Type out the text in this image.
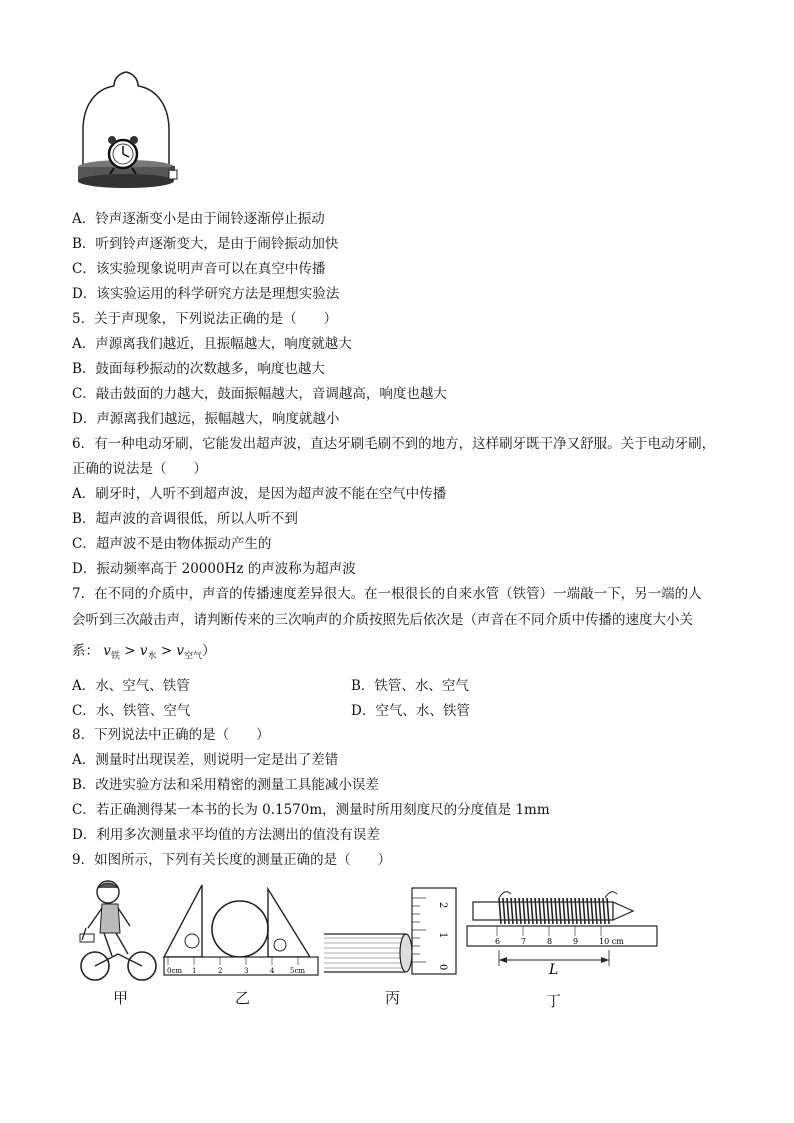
A．铃声逐渐变小是由于闹铃逐渐停止振动
B．听到铃声逐渐变大，是由于闹铃振动加快
C．该实验现象说明声音可以在真空中传播
D．该实验运用的科学研究方法是理想实验法
5．关于声现象，下列说法正确的是（　　）
A．声源离我们越近，且振幅越大，响度就越大
B．鼓面每秒振动的次数越多，响度也越大
C．敲击鼓面的力越大，鼓面振幅越大，音调越高，响度也越大
D．声源离我们越远，振幅越大，响度就越小
6．有一种电动牙刷，它能发出超声波，直达牙刷毛刷不到的地方，这样刷牙既干净又舒服。关于电动牙刷，
正确的说法是（　　）
A．刷牙时，人听不到超声波，是因为超声波不能在空气中传播
B．超声波的音调很低，所以人听不到
C．超声波不是由物体振动产生的
D．振动频率高于 20000Hz 的声波称为超声波
7．在不同的介质中，声音的传播速度差异很大。在一根很长的自来水管（铁管）一端敲一下，另一端的人
会听到三次敲击声，请判断传来的三次响声的介质按照先后依次是（声音在不同介质中传播的速度大小关
系： $v_铁 > v_水 > v_{空气}$）
A．水、空气、铁管	B．铁管、水、空气
C．水、铁管、空气	D．空气、水、铁管
8．下列说法中正确的是（　　）
A．测量时出现误差，则说明一定是出了差错
B．改进实验方法和采用精密的测量工具能减小误差
C．若正确测得某一本书的长为 0.1570m，测量时所用刻度尺的分度值是 1mm
D．利用多次测量求平均值的方法测出的值没有误差
9．如图所示，下列有关长度的测量正确的是（　　）
0cm 1	2	3	4 5cm
2
1
0
6	7	8	9	10 cm
L
甲	乙	丙	丁
